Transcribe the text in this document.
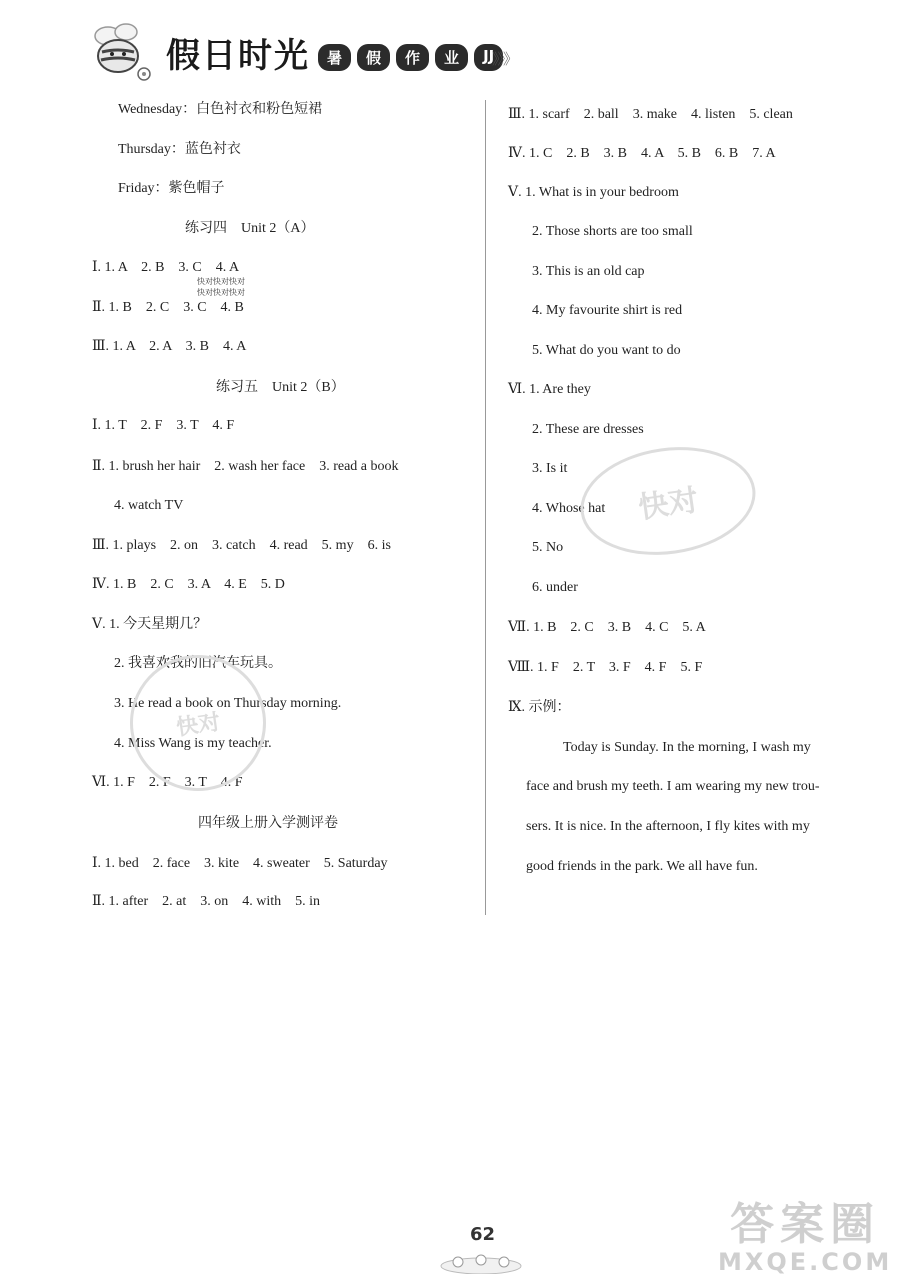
假日时光	暑	假	作	业	JJ
》》》
Wednesday：白色衬衣和粉色短裙
Thursday：蓝色衬衣
Friday：紫色帽子
练习四　Unit 2（A）
Ⅰ. 1. A　2. B　3. C　4. A
Ⅱ. 1. B　2. C　3. C　4. B
Ⅲ. 1. A　2. A　3. B　4. A
练习五　Unit 2（B）
Ⅰ. 1. T　2. F　3. T　4. F
Ⅱ. 1. brush her hair　2. wash her face　3. read a book
4. watch TV
Ⅲ. 1. plays　2. on　3. catch　4. read　5. my　6. is
Ⅳ. 1. B　2. C　3. A　4. E　5. D
Ⅴ. 1. 今天星期几？
2. 我喜欢我的旧汽车玩具。
3. He read a book on Thursday morning.
4. Miss Wang is my teacher.
Ⅵ. 1. F　2. F　3. T　4. F
四年级上册入学测评卷
Ⅰ. 1. bed　2. face　3. kite　4. sweater　5. Saturday
Ⅱ. 1. after　2. at　3. on　4. with　5. in
快对快对快对
快对快对快对
Ⅲ. 1. scarf　2. ball　3. make　4. listen　5. clean
Ⅳ. 1. C　2. B　3. B　4. A　5. B　6. B　7. A
Ⅴ. 1. What is in your bedroom
2. Those shorts are too small
3. This is an old cap
4. My favourite shirt is red
5. What do you want to do
Ⅵ. 1. Are they
2. These are dresses
3. Is it
4. Whose hat
5. No
6. under
Ⅶ. 1. B　2. C　3. B　4. C　5. A
Ⅷ. 1. F　2. T　3. F　4. F　5. F
Ⅸ. 示例：
Today is Sunday. In the morning, I wash my
face and brush my teeth. I am wearing my new trou-
sers. It is nice. In the afternoon, I fly kites with my
good friends in the park. We all have fun.
快对
快对
62	答案圈
MXQE.COM
